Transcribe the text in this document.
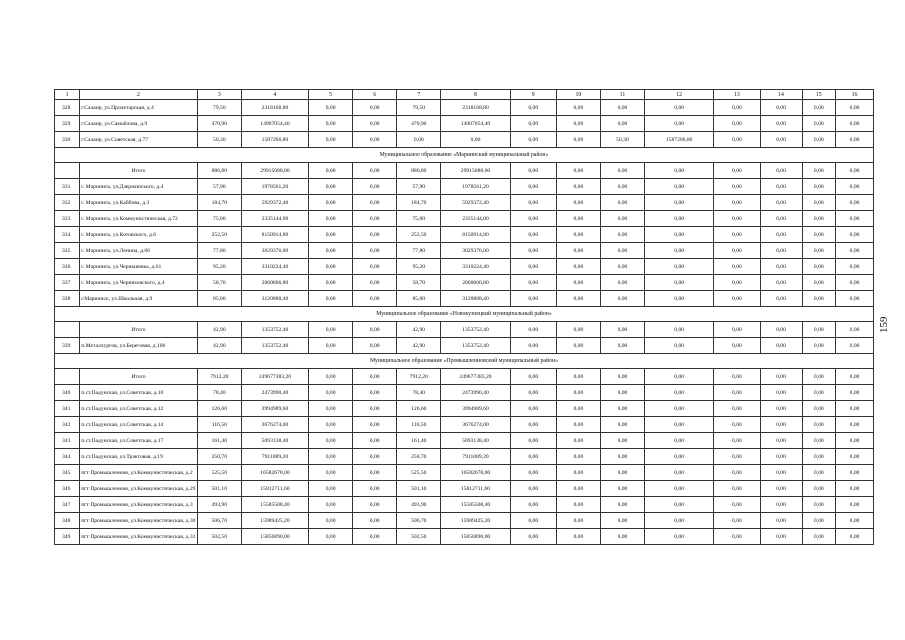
159
1	2	3	4	5	6	7	8	9	10	11	12	13	14	15	16
328	г.Салаир, ул.Пролетарская, д.4	79,50	2318168,80	0,00	0,00	79,50	2318168,80	0,00	0,00	0,00	0,00	0,00	0,00	0,00	0,00
329	г.Салаир, ул.Самойлова, д.9	470,90	14907054,40	0,00	0,00	470,90	14907054,40	0,00	0,00	0,00	0,00	0,00	0,00	0,00	0,00
330	г.Салаир, ул.Советская, д.77	50,30	1587266,80	0,00	0,00	0,00	0,00	0,00	0,00	50,30	1587266,80	0,00	0,00	0,00	0,00
Муниципальное образование «Мариинский муниципальный район»															
	Итого	886,80	29915088,00	0,00	0,00	886,80	29915088,00	0,00	0,00	0,00	0,00	0,00	0,00	0,00	0,00
331	г. Мариинск, ул.Дзержинского, д.4	57,90	1978561,20	0,00	0,00	57,90	1978561,20	0,00	0,00	0,00	0,00	0,00	0,00	0,00	0,00
332	г. Мариинск, ул.Кайбова, д.3	184,70	5929372,40	0,00	0,00	184,70	5929372,40	0,00	0,00	0,00	0,00	0,00	0,00	0,00	0,00
333	г. Мариинск, ул.Коммунистическая, д.72	75,00	2335144,00	0,00	0,00	75,00	2335144,00	0,00	0,00	0,00	0,00	0,00	0,00	0,00	0,00
334	г. Мариинск, ул.Котовского, д.6	252,50	8150914,80	0,00	0,00	252,50	8150914,80	0,00	0,00	0,00	0,00	0,00	0,00	0,00	0,00
335	г. Мариинск, ул.Ленина, д.66	77,80	3029376,00	0,00	0,00	77,80	3029376,00	0,00	0,00	0,00	0,00	0,00	0,00	0,00	0,00
336	г. Мариинск, ул.Черньшевка, д.61	95,20	3310224,40	0,00	0,00	95,20	3310224,40	0,00	0,00	0,00	0,00	0,00	0,00	0,00	0,00
337	г. Мариинск, ул.Черняховского, д.4	58,70	2060606,80	0,00	0,00	58,70	2060606,80	0,00	0,00	0,00	0,00	0,00	0,00	0,00	0,00
338	г.Мариинск, ул.Школьная, д.9	85,00	3120888,40	0,00	0,00	85,00	3120888,40	0,00	0,00	0,00	0,00	0,00	0,00	0,00	0,00
Муниципальное образование «Новокузнецкий муниципальный район»															
	Итого	42,90	1353752,40	0,00	0,00	42,90	1353752,40	0,00	0,00	0,00	0,00	0,00	0,00	0,00	0,00
339	п.Металлургов, ул.Береговая, д.106	42,90	1353752,40	0,00	0,00	42,90	1353752,40	0,00	0,00	0,00	0,00	0,00	0,00	0,00	0,00
Муниципальное образование «Промышленновский муниципальный район»															
	Итого	7912,20	249677383,20	0,00	0,00	7912,20	249677383,20	0,00	0,00	0,00	0,00	0,00	0,00	0,00	0,00
340	п.ст.Падунская, ул.Советская, д.10	78,40	2473990,40	0,00	0,00	78,40	2473990,40	0,00	0,00	0,00	0,00	0,00	0,00	0,00	0,00
341	п.ст.Падунская, ул.Советская, д.12	126,60	3994989,60	0,00	0,00	126,60	3994989,60	0,00	0,00	0,00	0,00	0,00	0,00	0,00	0,00
342	п.ст.Падунская, ул.Советская, д.14	116,50	3676274,00	0,00	0,00	116,50	3676274,00	0,00	0,00	0,00	0,00	0,00	0,00	0,00	0,00
343	п.ст.Падунская, ул.Советская, д.17	161,40	5093138,40	0,00	0,00	161,40	5093138,40	0,00	0,00	0,00	0,00	0,00	0,00	0,00	0,00
344	п.ст.Падунская, ул.Трактовая, д.19	250,70	7911089,20	0,00	0,00	250,70	7911089,20	0,00	0,00	0,00	0,00	0,00	0,00	0,00	0,00
345	пгт Промышленная, ул.Коммунистическая, д.2	525,50	16582678,00	0,00	0,00	525,50	16582678,00	0,00	0,00	0,00	0,00	0,00	0,00	0,00	0,00
346	пгт Промышленная, ул.Коммунистическая, д.29	501,10	15812711,60	0,00	0,00	501,10	15812711,60	0,00	0,00	0,00	0,00	0,00	0,00	0,00	0,00
347	пгт Промышленная, ул.Коммунистическая, д.3	493,90	15585508,40	0,00	0,00	493,90	15585508,40	0,00	0,00	0,00	0,00	0,00	0,00	0,00	0,00
348	пгт Промышленная, ул.Коммунистическая, д.30	506,70	15989425,20	0,00	0,00	506,70	15989425,20	0,00	0,00	0,00	0,00	0,00	0,00	0,00	0,00
349	пгт Промышленная, ул.Коммунистическая, д.31	502,50	15856890,00	0,00	0,00	502,50	15856890,00	0,00	0,00	0,00	0,00	0,00	0,00	0,00	0,00
